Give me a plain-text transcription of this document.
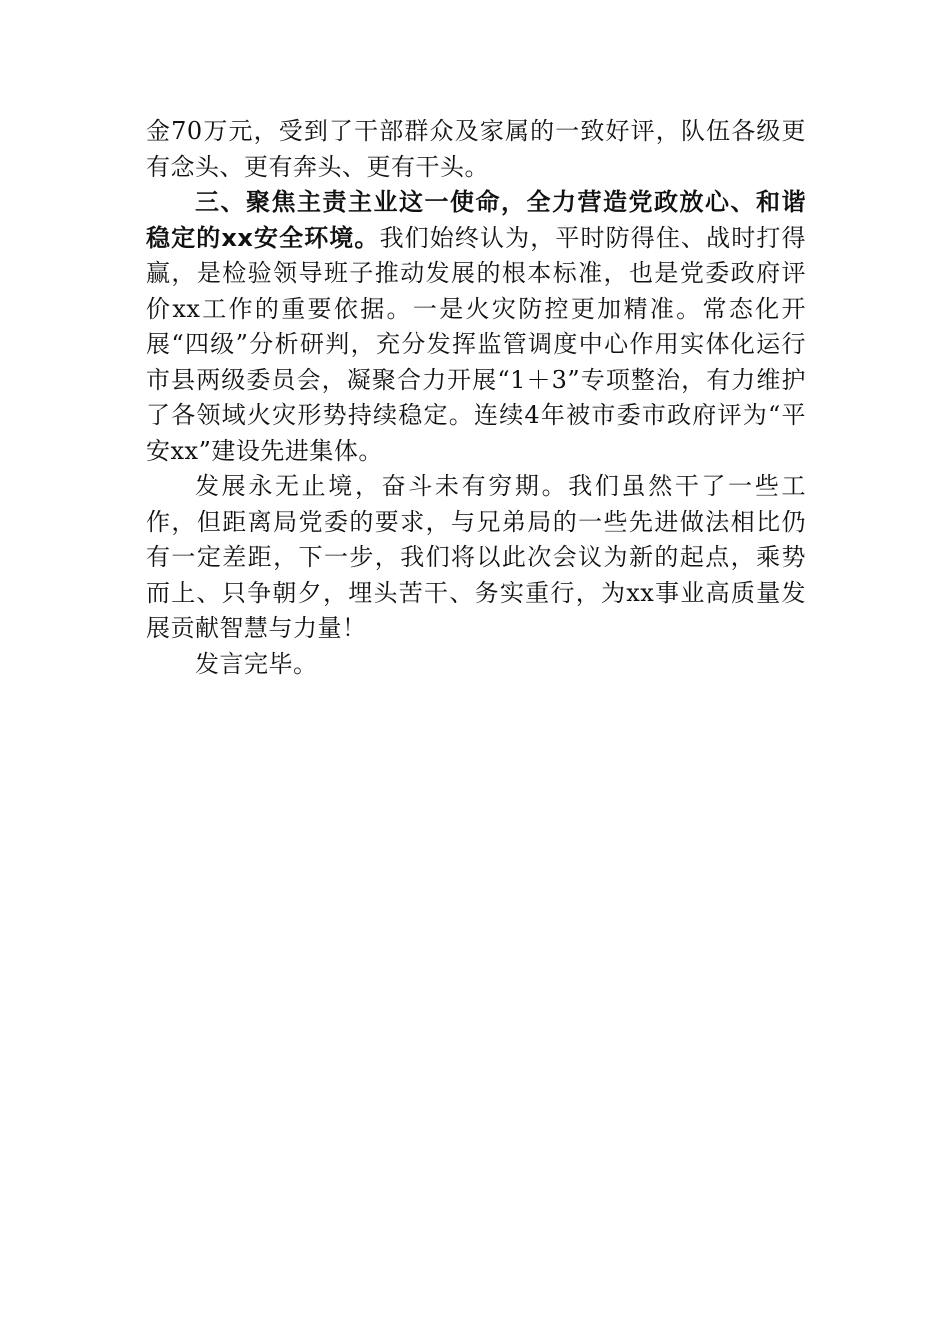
金70万元，受到了干部群众及家属的一致好评，队伍各级更有念头、更有奔头、更有干头。

三、聚焦主责主业这一使命，全力营造党政放心、和谐稳定的xx安全环境。我们始终认为，平时防得住、战时打得赢，是检验领导班子推动发展的根本标准，也是党委政府评价xx工作的重要依据。一是火灾防控更加精准。常态化开展“四级”分析研判，充分发挥监管调度中心作用实体化运行市县两级委员会，凝聚合力开展“1＋3”专项整治，有力维护了各领域火灾形势持续稳定。连续4年被市委市政府评为“平安xx”建设先进集体。

发展永无止境，奋斗未有穷期。我们虽然干了一些工作，但距离局党委的要求，与兄弟局的一些先进做法相比仍有一定差距，下一步，我们将以此次会议为新的起点，乘势而上、只争朝夕，埋头苦干、务实重行，为xx事业高质量发展贡献智慧与力量！

发言完毕。
